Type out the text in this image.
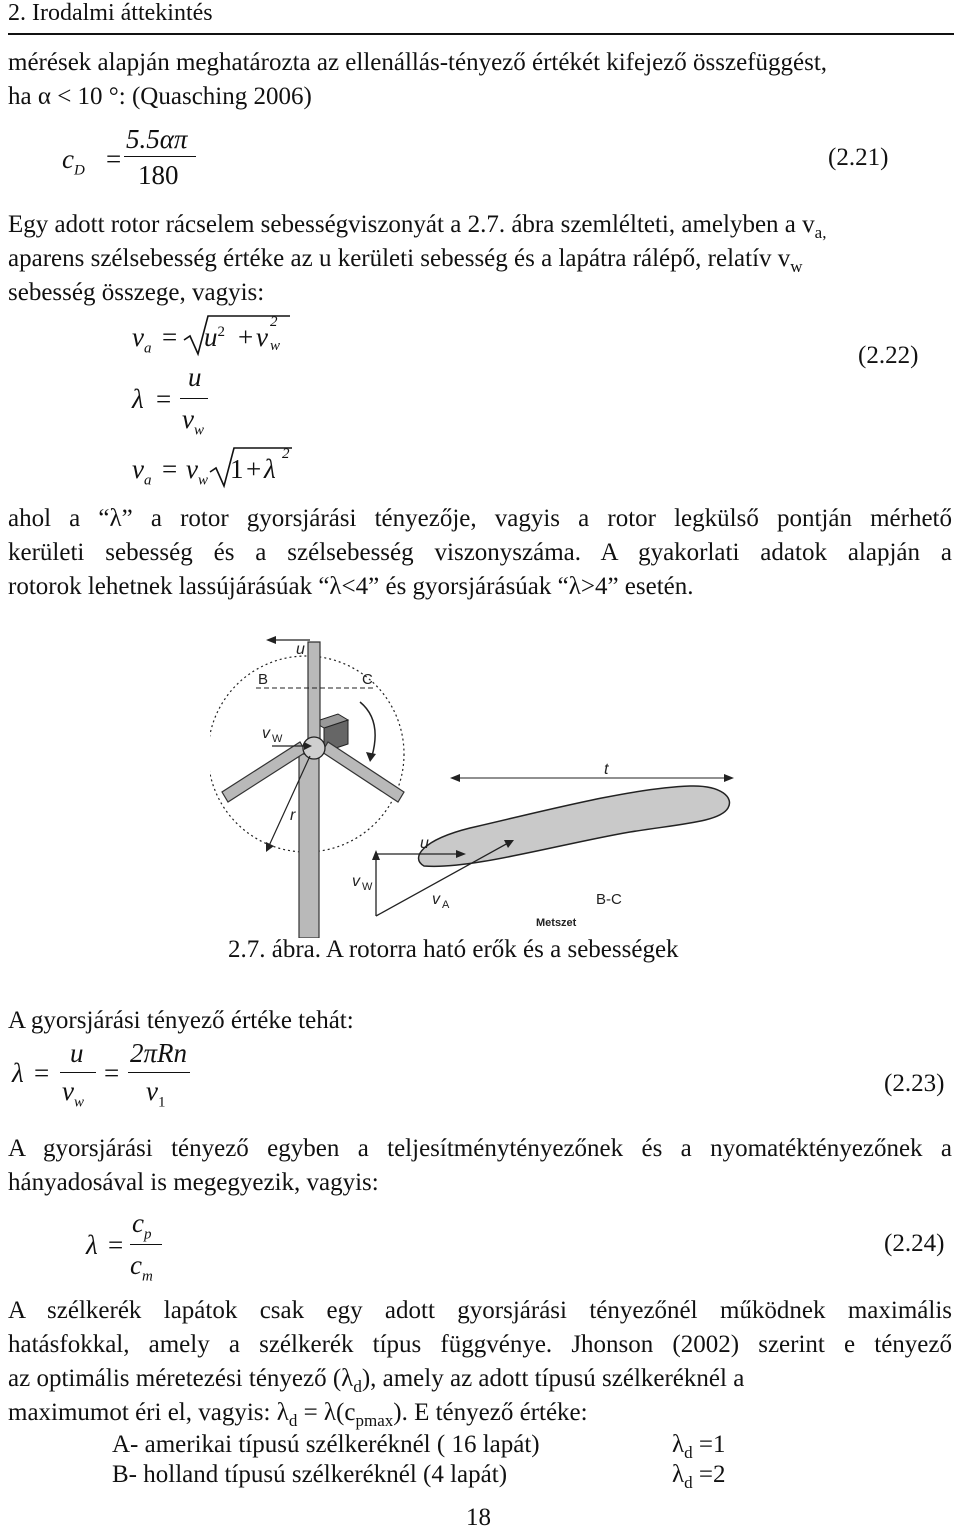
2. Irodalmi áttekintés
mérések alapján meghatározta az ellenállás-tényező értékét kifejező összefüggést,
ha α < 10 °: (Quasching 2006)
$c_D$ =
5.5απ
180
(2.21)
Egy adott rotor rácselem sebességviszonyát a 2.7. ábra szemlélteti, amelyben a $v_{a,}$
aparens szélsebesség értéke az u kerületi sebesség és a lapátra rálépő, relatív $v_w$
sebesség összege, vagyis:
$v_a = u^2 + v$ 2
w
λ =
u
$v_w$
$v_a = v_w$ 1 + λ 2
(2.22)
ahol a “λ” a rotor gyorsjárási tényezője, vagyis a rotor legkülső pontján mérhető
kerületi sebesség és a szélsebesség viszonyszáma. A gyakorlati adatok alapján a
rotorok lehetnek lassújárásúak “λ<4” és gyorsjárásúak “λ>4” esetén.
u
B	C
v W
r
t
u
v W
v A	B-C
Metszet
2.7. ábra. A rotorra ható erők és a sebességek
A gyorsjárási tényező értéke tehát:
λ =
u
$v_w$
=
2πRn
$v_1$
(2.23)
A gyorsjárási tényező egyben a teljesítménytényezőnek és a nyomatéktényezőnek a
hányadosával is megegyezik, vagyis:
λ =
$c_p$
$c_m$
(2.24)
A szélkerék lapátok csak egy adott gyorsjárási tényezőnél működnek maximális
hatásfokkal, amely a szélkerék típus függvénye. Jhonson (2002) szerint e tényező
az optimális méretezési tényező $(\lambda_d)$, amely az adott típusú szélkeréknél a
maximumot éri el, vagyis: $\lambda_d = \lambda(c_{pmax})$. E tényező értéke:
A- amerikai típusú szélkeréknél ( 16 lapát)	$\lambda_d =1$
B- holland típusú szélkeréknél (4 lapát)	$\lambda_d =2$
18
